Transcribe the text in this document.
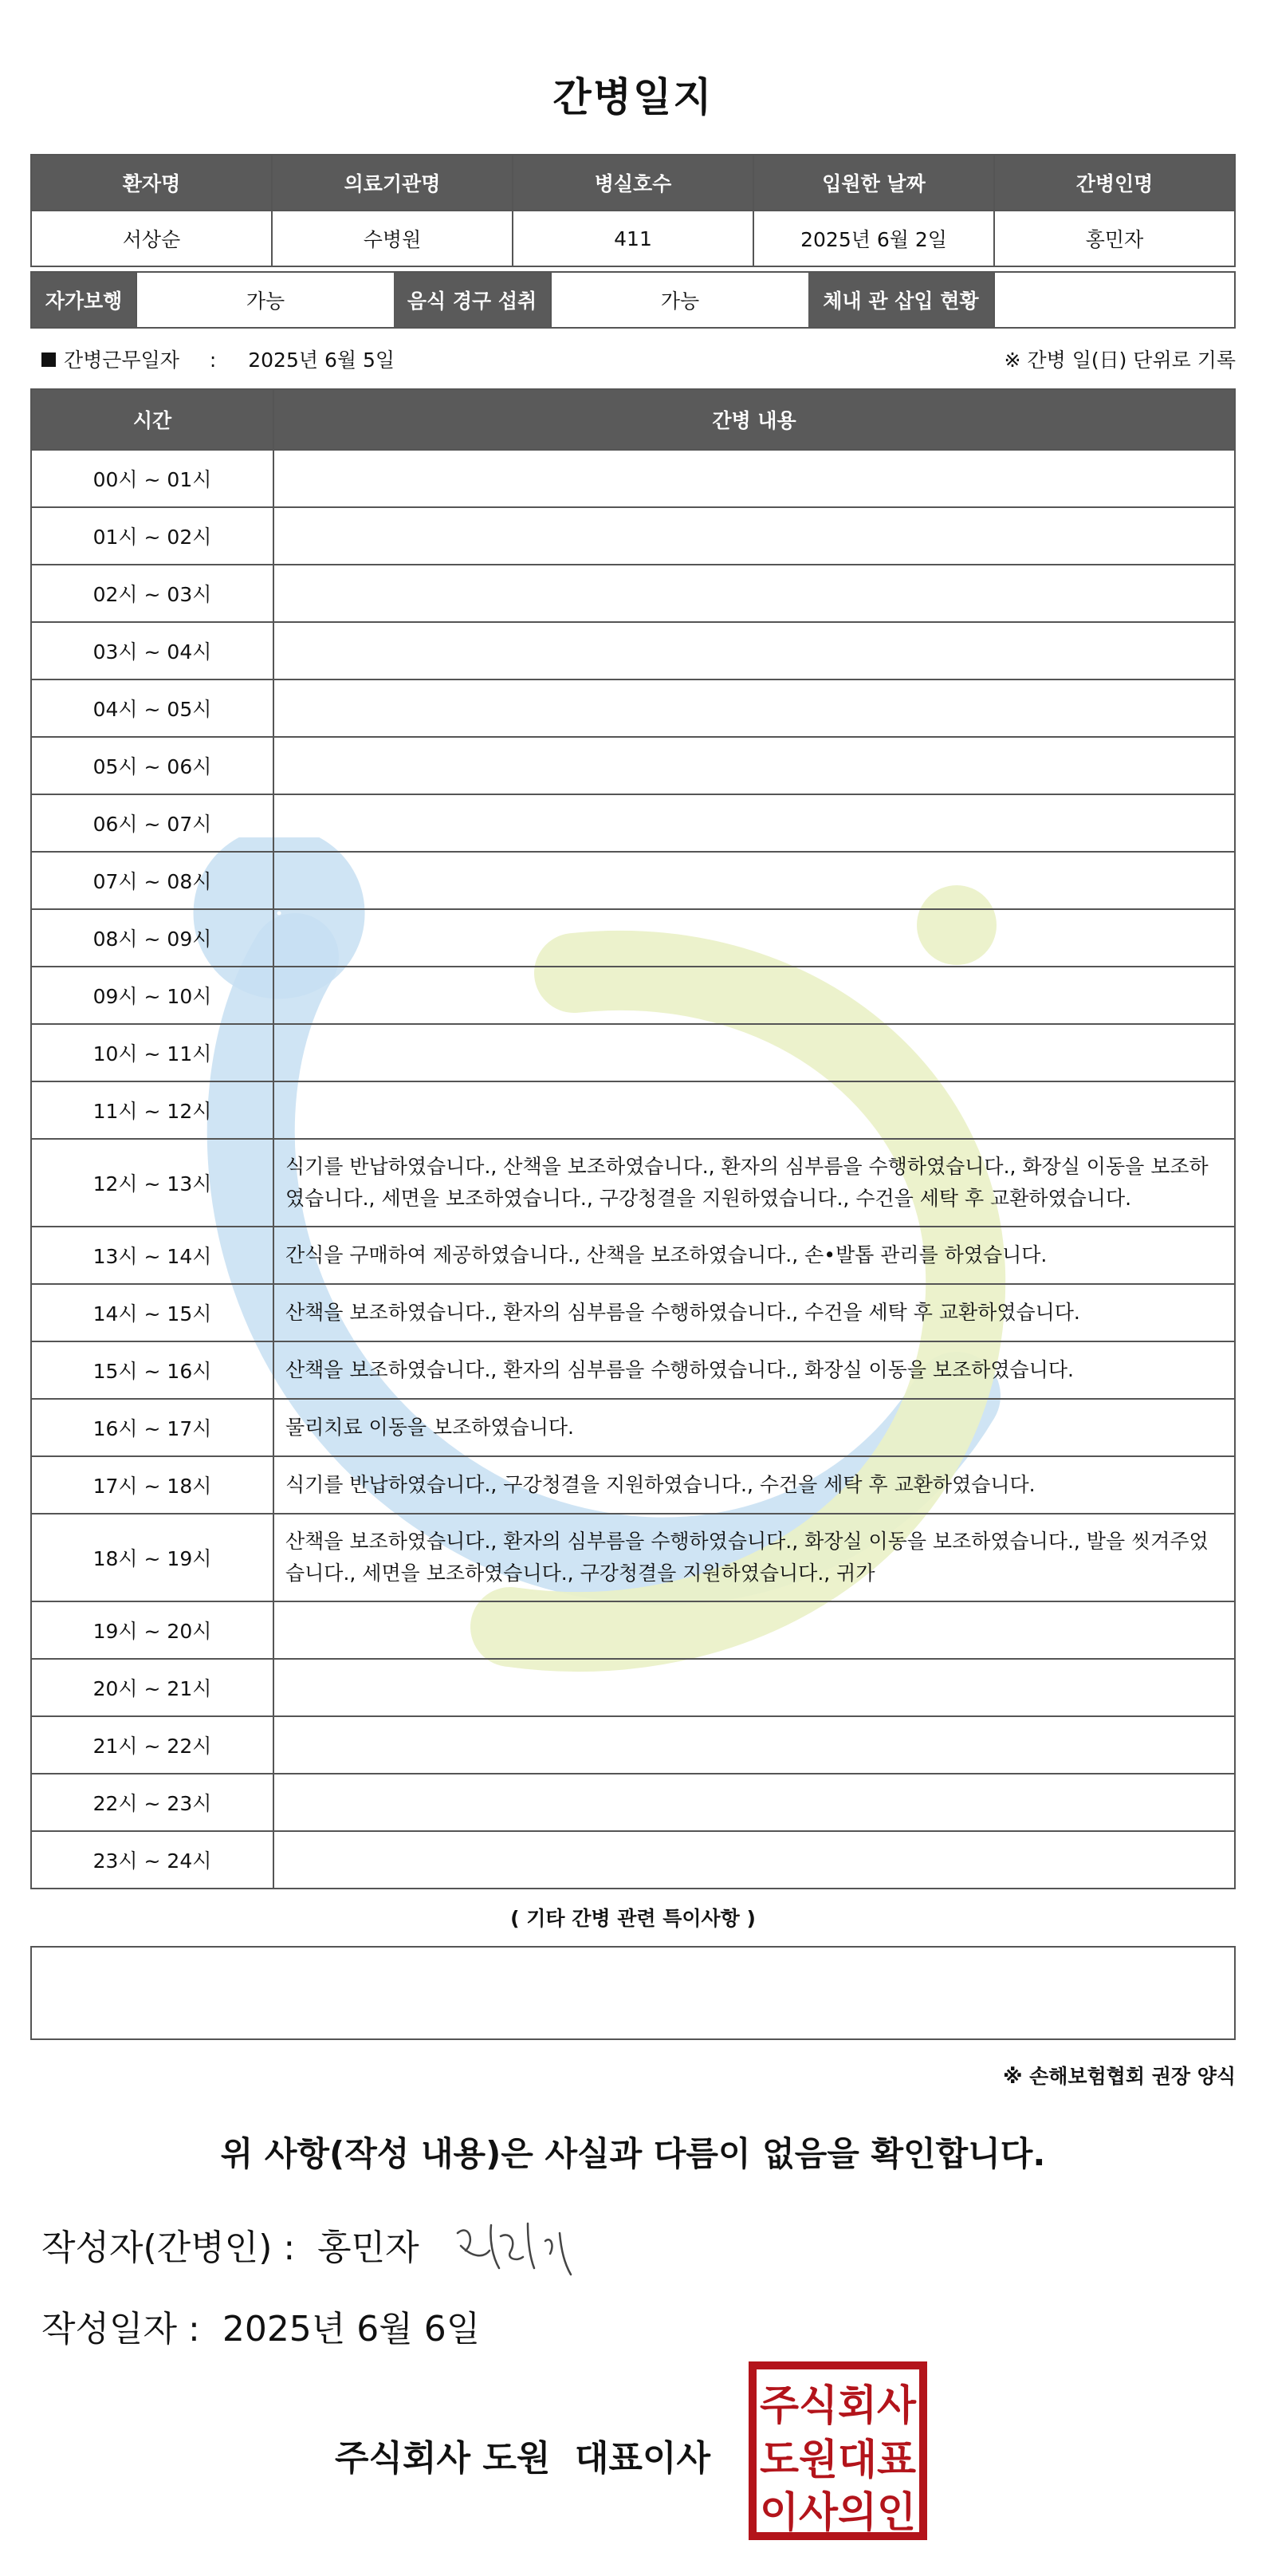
간병일지
환자명	의료기관명	병실호수	입원한 날짜	간병인명
서상순	수병원	411	2025년 6월 2일	홍민자
자가보행	가능	음식 경구 섭취	가능	체내 관 삽입 현황
간병근무일자 : 2025년 6월 5일	※ 간병 일(日) 단위로 기록
시간	간병 내용
00시 ~ 01시	
01시 ~ 02시	
02시 ~ 03시	
03시 ~ 04시	
04시 ~ 05시	
05시 ~ 06시	
06시 ~ 07시	
07시 ~ 08시	
08시 ~ 09시	
09시 ~ 10시	
10시 ~ 11시	
11시 ~ 12시	
12시 ~ 13시	식기를 반납하였습니다., 산책을 보조하였습니다., 환자의 심부름을 수행하였습니다., 화장실 이동을 보조하였습니다., 세면을 보조하였습니다., 구강청결을 지원하였습니다., 수건을 세탁 후 교환하였습니다.
13시 ~ 14시	간식을 구매하여 제공하였습니다., 산책을 보조하였습니다., 손•발톱 관리를 하였습니다.
14시 ~ 15시	산책을 보조하였습니다., 환자의 심부름을 수행하였습니다., 수건을 세탁 후 교환하였습니다.
15시 ~ 16시	산책을 보조하였습니다., 환자의 심부름을 수행하였습니다., 화장실 이동을 보조하였습니다.
16시 ~ 17시	물리치료 이동을 보조하였습니다.
17시 ~ 18시	식기를 반납하였습니다., 구강청결을 지원하였습니다., 수건을 세탁 후 교환하였습니다.
18시 ~ 19시	산책을 보조하였습니다., 환자의 심부름을 수행하였습니다., 화장실 이동을 보조하였습니다., 발을 씻겨주었습니다., 세면을 보조하였습니다., 구강청결을 지원하였습니다., 귀가
19시 ~ 20시	
20시 ~ 21시	
21시 ~ 22시	
22시 ~ 23시	
23시 ~ 24시	
( 기타 간병 관련 특이사항 )
※ 손해보험협회 권장 양식
위 사항(작성 내용)은 사실과 다름이 없음을 확인합니다.
작성자(간병인) : 홍민자
작성일자 : 2025년 6월 6일
주식회사 도원  대표이사
주식회사
도원대표
이사의인
